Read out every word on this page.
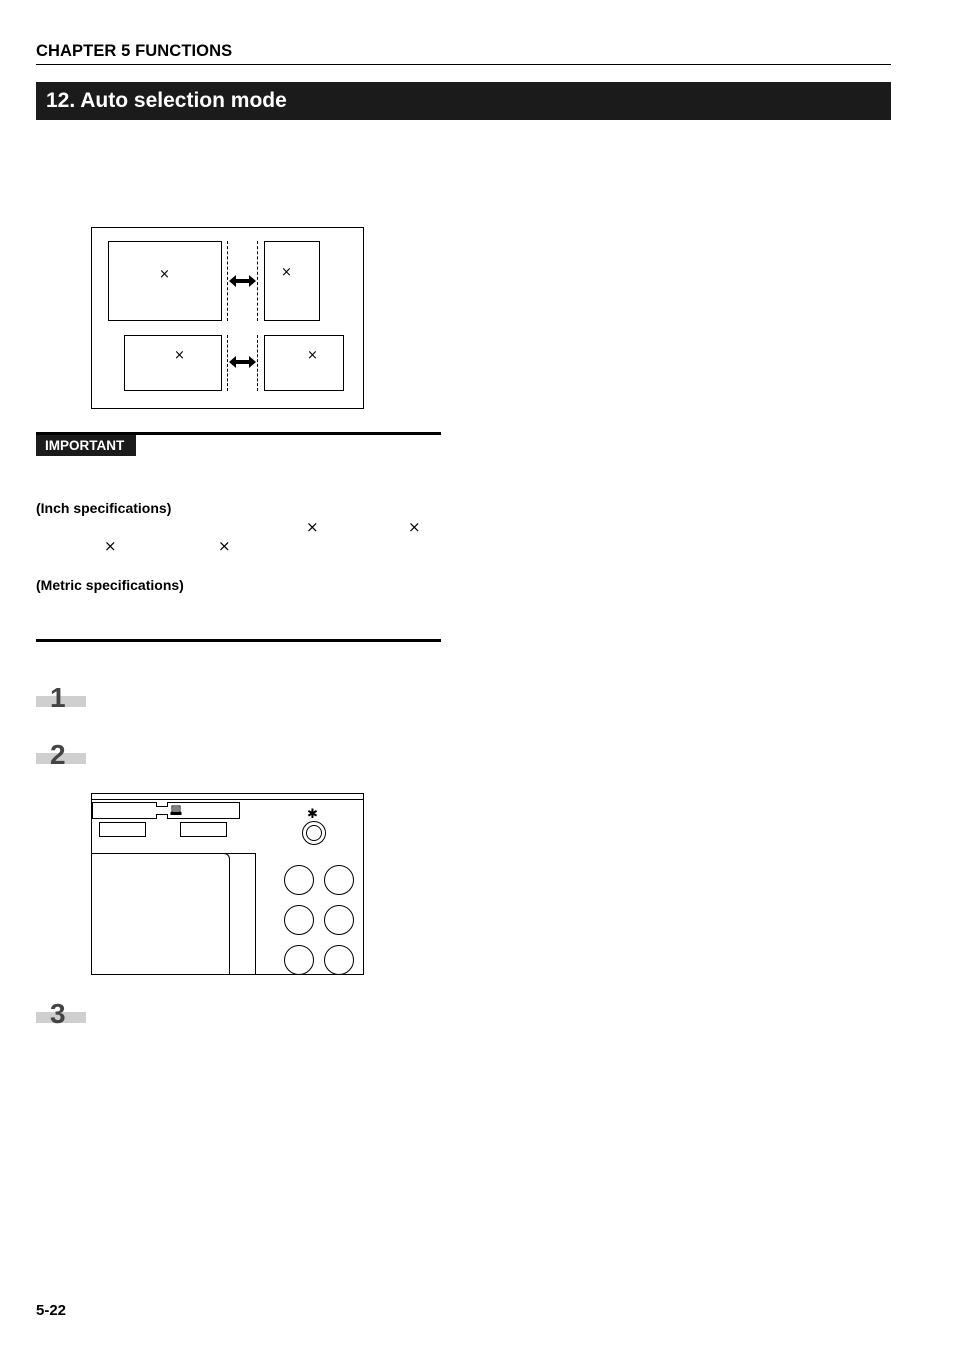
CHAPTER 5 FUNCTIONS
12. Auto selection mode
×	×
×	×
IMPORTANT
(Inch specifications)
×	×
×	×
(Metric specifications)
1
2
✱
3
5-22
